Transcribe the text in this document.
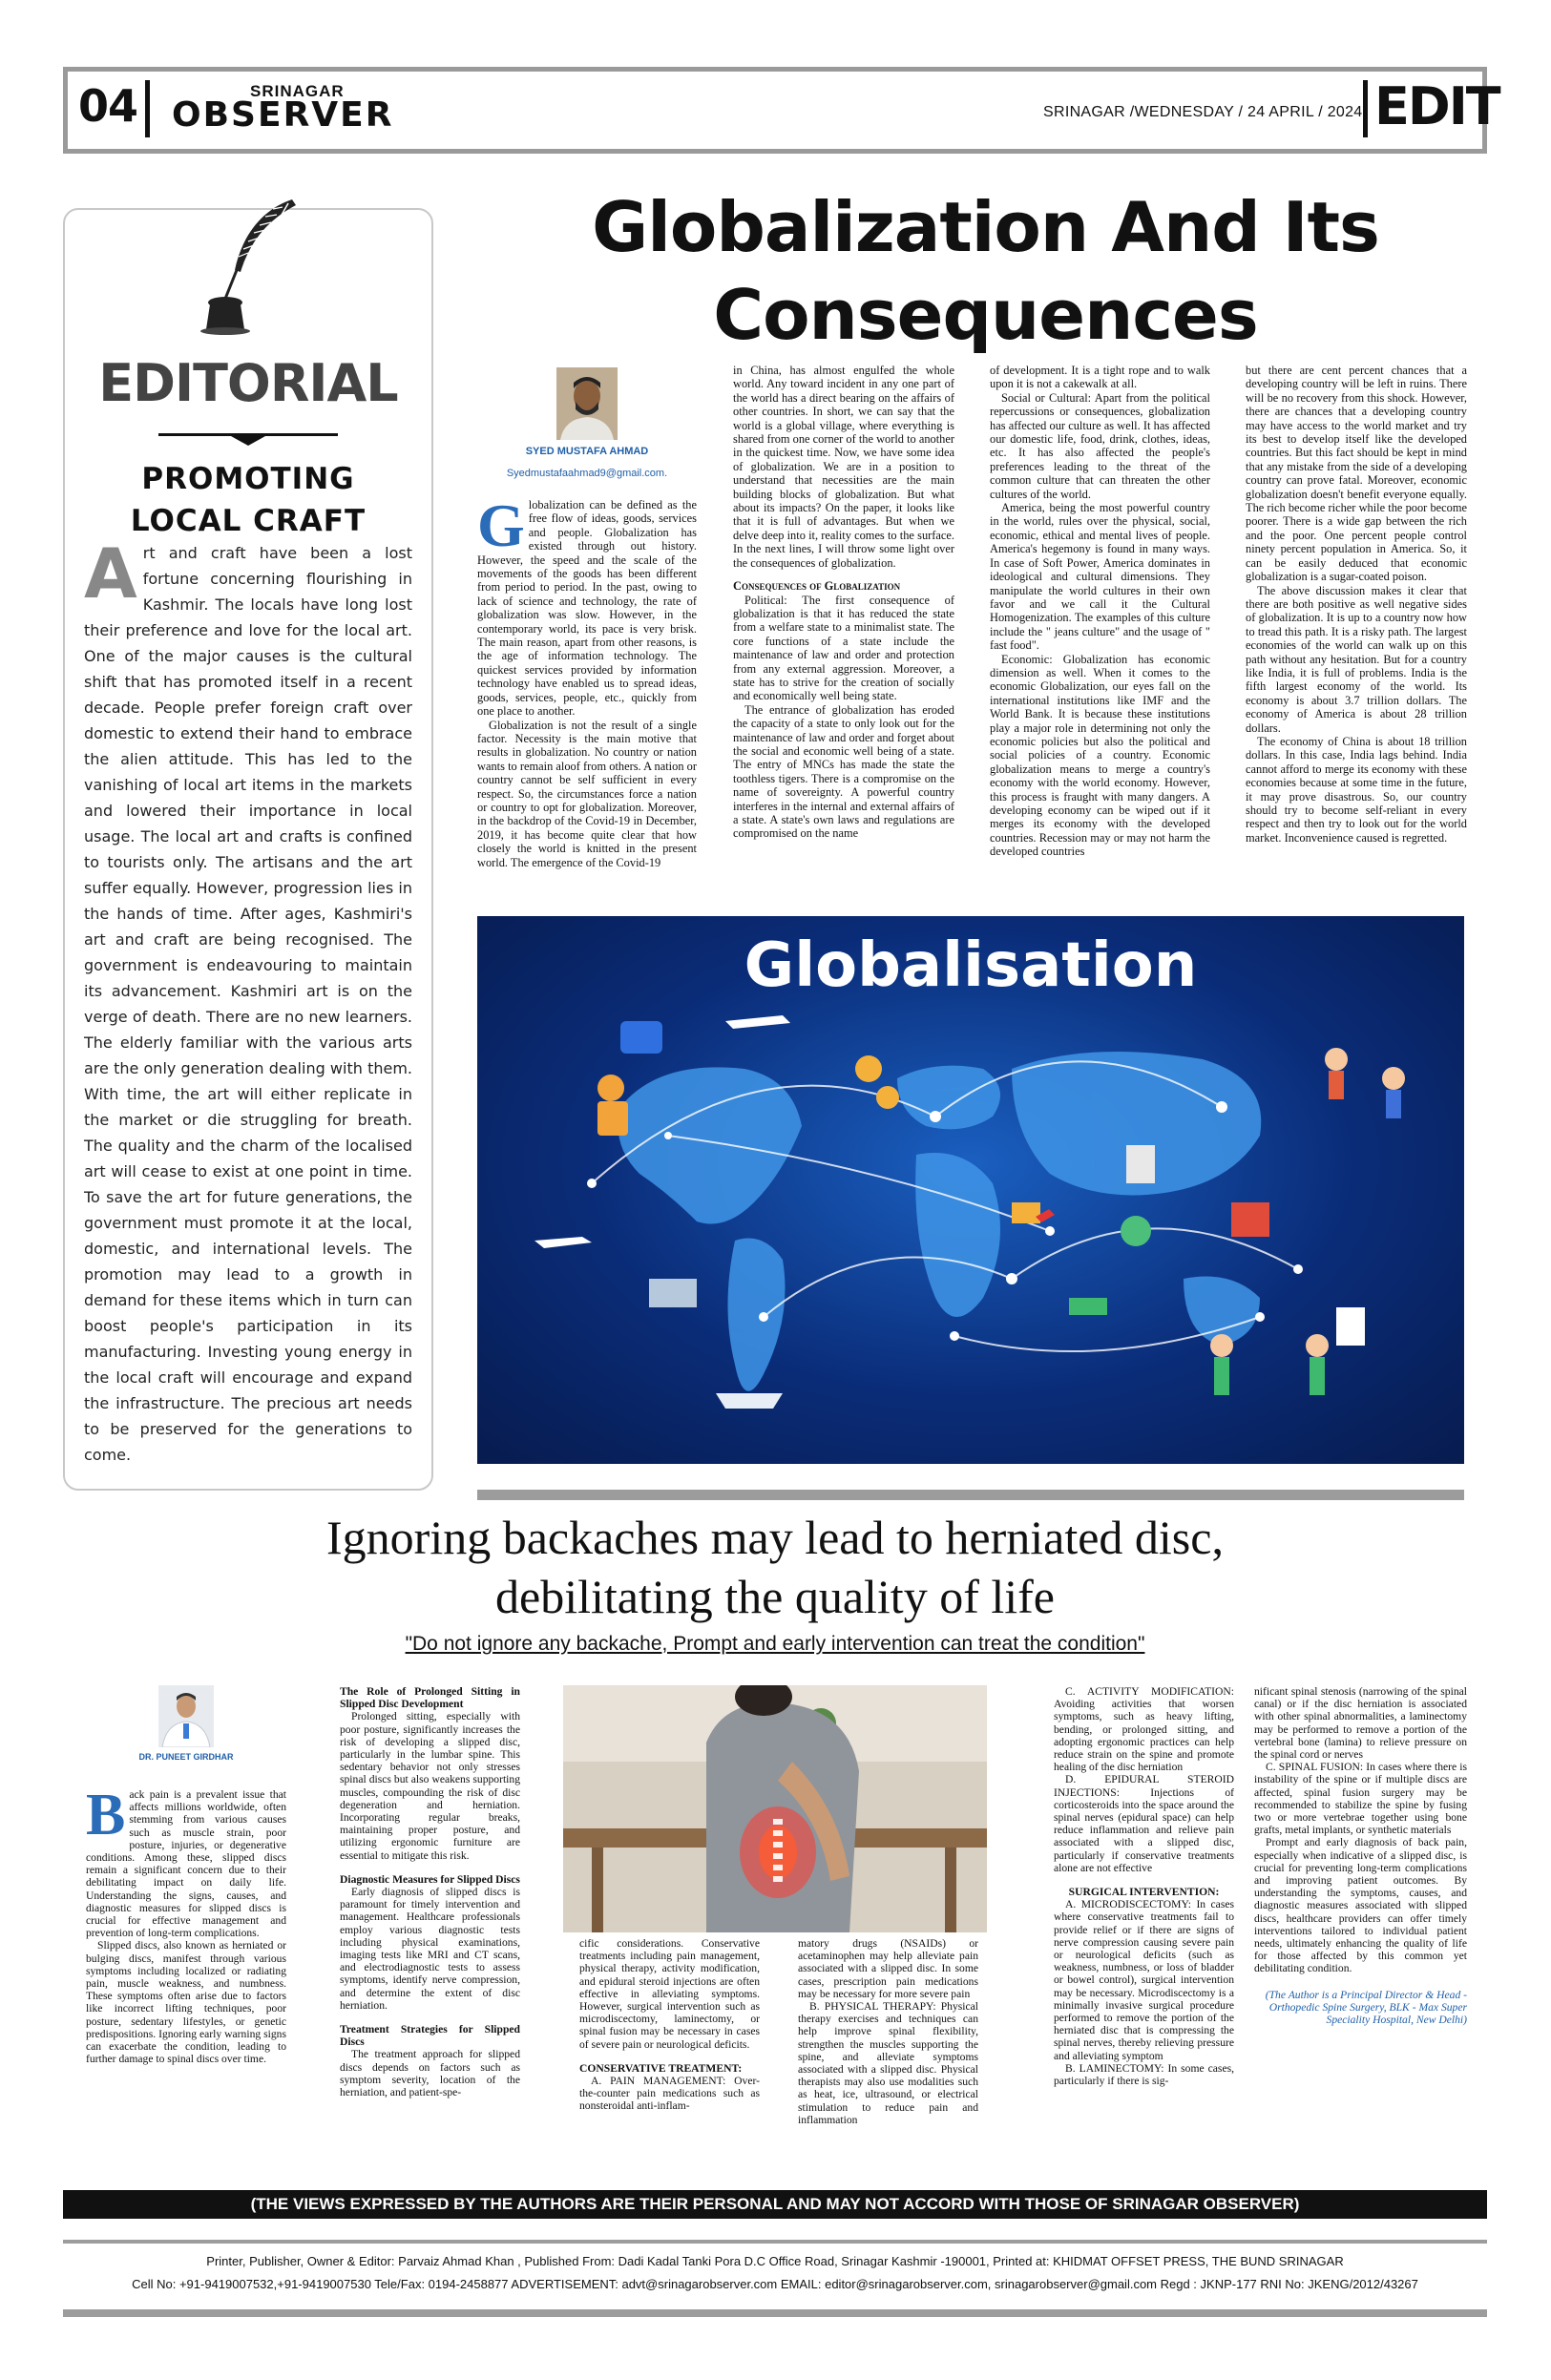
04	SRINAGAR
OBSERVER	SRINAGAR /WEDNESDAY / 24 APRIL / 2024 EDIT
EDITORIAL
PROMOTING
LOCAL CRAFT
Art and craft have been a lost fortune concerning flourishing in Kashmir. The locals have long lost their preference and love for the local art. One of the major causes is the cultural shift that has promoted itself in a recent decade. People prefer foreign craft over domestic to extend their hand to embrace the alien attitude. This has led to the vanishing of local art items in the markets and lowered their importance in local usage. The local art and crafts is confined to tourists only. The artisans and the art suffer equally. However, progression lies in the hands of time. After ages, Kashmiri's art and craft are being recognised. The government is endeavouring to maintain its advancement. Kashmiri art is on the verge of death. There are no new learners. The elderly familiar with the various arts are the only generation dealing with them. With time, the art will either replicate in the market or die struggling for breath. The quality and the charm of the localised art will cease to exist at one point in time. To save the art for future generations, the government must promote it at the local, domestic, and international levels. The promotion may lead to a growth in demand for these items which in turn can boost people's participation in its manufacturing. Investing young energy in the local craft will encourage and expand the infrastructure. The precious art needs to be preserved for the generations to come.
Globalization And Its
Consequences
SYED MUSTAFA AHMAD
Syedmustafaahmad9@gmail.com.
Globalization can be defined as the free flow of ideas, goods, services and people. Globalization has existed through out history. However, the speed and the scale of the movements of the goods has been different from period to period. In the past, owing to lack of science and technology, the rate of globalization was slow. However, in the contemporary world, its pace is very brisk. The main reason, apart from other reasons, is the age of information technology. The quickest services provided by information technology have enabled us to spread ideas, goods, services, people, etc., quickly from one place to another.

Globalization is not the result of a single factor. Necessity is the main motive that results in globalization. No country or nation wants to remain aloof from others. A nation or country cannot be self sufficient in every respect. So, the circumstances force a nation or country to opt for globalization. Moreover, in the backdrop of the Covid-19 in December, 2019, it has become quite clear that how closely the world is knitted in the present world. The emergence of the Covid-19

in China, has almost engulfed the whole world. Any toward incident in any one part of the world has a direct bearing on the affairs of other countries. In short, we can say that the world is a global village, where everything is shared from one corner of the world to another in the quickest time. Now, we have some idea of globalization. We are in a position to understand that necessities are the main building blocks of globalization. But what about its impacts? On the paper, it looks like that it is full of advantages. But when we delve deep into it, reality comes to the surface. In the next lines, I will throw some light over the consequences of globalization.
Consequences of Globalization

Political: The first consequence of globalization is that it has reduced the state from a welfare state to a minimalist state. The core functions of a state include the maintenance of law and order and protection from any external aggression. Moreover, a state has to strive for the creation of socially and economically well being state.

The entrance of globalization has eroded the capacity of a state to only look out for the maintenance of law and order and forget about the social and economic well being of a state. The entry of MNCs has made the state the toothless tigers. There is a compromise on the name of sovereignty. A powerful country interferes in the internal and external affairs of a state. A state's own laws and regulations are compromised on the name

of development. It is a tight rope and to walk upon it is not a cakewalk at all.

Social or Cultural: Apart from the political repercussions or consequences, globalization has affected our culture as well. It has affected our domestic life, food, drink, clothes, ideas, etc. It has also affected the people's preferences leading to the threat of the common culture that can threaten the other cultures of the world.

America, being the most powerful country in the world, rules over the physical, social, economic, ethical and mental lives of people. America's hegemony is found in many ways. In case of Soft Power, America dominates in ideological and cultural dimensions. They manipulate the world cultures in their own favor and we call it the Cultural Homogenization. The examples of this culture include the " jeans culture" and the usage of " fast food".

Economic: Globalization has economic dimension as well. When it comes to the economic Globalization, our eyes fall on the international institutions like IMF and the World Bank. It is because these institutions play a major role in determining not only the economic policies but also the political and social policies of a country. Economic globalization means to merge a country's economy with the world economy. However, this process is fraught with many dangers. A developing economy can be wiped out if it merges its economy with the developed countries. Recession may or may not harm the developed countries

but there are cent percent chances that a developing country will be left in ruins. There will be no recovery from this shock. However, there are chances that a developing country may have access to the world market and try its best to develop itself like the developed countries. But this fact should be kept in mind that any mistake from the side of a developing country can prove fatal. Moreover, economic globalization doesn't benefit everyone equally. The rich become richer while the poor become poorer. There is a wide gap between the rich and the poor. One percent people control ninety percent population in America. So, it can be easily deduced that economic globalization is a sugar-coated poison.

The above discussion makes it clear that there are both positive as well negative sides of globalization. It is up to a country now how to tread this path. It is a risky path. The largest economies of the world can walk up on this path without any hesitation. But for a country like India, it is full of problems. India is the fifth largest economy of the world. Its economy is about 3.7 trillion dollars. The economy of America is about 28 trillion dollars.

The economy of China is about 18 trillion dollars. In this case, India lags behind. India cannot afford to merge its economy with these economies because at some time in the future, it may prove disastrous. So, our country should try to become self-reliant in every respect and then try to look out for the world market. Inconvenience caused is regretted.

Globalisation
Ignoring backaches may lead to herniated disc,
debilitating the quality of life
"Do not ignore any backache, Prompt and early intervention can treat the condition"
DR. PUNEET GIRDHAR
Back pain is a prevalent issue that affects millions worldwide, often stemming from various causes such as muscle strain, poor posture, injuries, or degenerative conditions. Among these, slipped discs remain a significant concern due to their debilitating impact on daily life. Understanding the signs, causes, and diagnostic measures for slipped discs is crucial for effective management and prevention of long-term complications.

Slipped discs, also known as herniated or bulging discs, manifest through various symptoms including localized or radiating pain, muscle weakness, and numbness. These symptoms often arise due to factors like incorrect lifting techniques, poor posture, sedentary lifestyles, or genetic predispositions. Ignoring early warning signs can exacerbate the condition, leading to further damage to spinal discs over time.

The Role of Prolonged Sitting in Slipped Disc Development

Prolonged sitting, especially with poor posture, significantly increases the risk of developing a slipped disc, particularly in the lumbar spine. This sedentary behavior not only stresses spinal discs but also weakens supporting muscles, compounding the risk of disc degeneration and herniation. Incorporating regular breaks, maintaining proper posture, and utilizing ergonomic furniture are essential to mitigate this risk.

Diagnostic Measures for Slipped Discs

Early diagnosis of slipped discs is paramount for timely intervention and management. Healthcare professionals employ various diagnostic tests including physical examinations, imaging tests like MRI and CT scans, and electrodiagnostic tests to assess symptoms, identify nerve compression, and determine the extent of disc herniation.

Treatment Strategies for Slipped Discs

The treatment approach for slipped discs depends on factors such as symptom severity, location of the herniation, and patient-spe-

cific considerations. Conservative treatments including pain management, physical therapy, activity modification, and epidural steroid injections are often effective in alleviating symptoms. However, surgical intervention such as microdiscectomy, laminectomy, or spinal fusion may be necessary in cases of severe pain or neurological deficits.
CONSERVATIVE TREATMENT:

A. PAIN MANAGEMENT: Over-the-counter pain medications such as nonsteroidal anti-inflam-

matory drugs (NSAIDs) or acetaminophen may help alleviate pain associated with a slipped disc. In some cases, prescription pain medications may be necessary for more severe pain

B. PHYSICAL THERAPY: Physical therapy exercises and techniques can help improve spinal flexibility, strengthen the muscles supporting the spine, and alleviate symptoms associated with a slipped disc. Physical therapists may also use modalities such as heat, ice, ultrasound, or electrical stimulation to reduce pain and inflammation

C. ACTIVITY MODIFICATION: Avoiding activities that worsen symptoms, such as heavy lifting, bending, or prolonged sitting, and adopting ergonomic practices can help reduce strain on the spine and promote healing of the disc herniation

D. EPIDURAL STEROID INJECTIONS: Injections of corticosteroids into the space around the spinal nerves (epidural space) can help reduce inflammation and relieve pain associated with a slipped disc, particularly if conservative treatments alone are not effective

SURGICAL INTERVENTION:

A. MICRODISCECTOMY: In cases where conservative treatments fail to provide relief or if there are signs of nerve compression causing severe pain or neurological deficits (such as weakness, numbness, or loss of bladder or bowel control), surgical intervention may be necessary. Microdiscectomy is a minimally invasive surgical procedure performed to remove the portion of the herniated disc that is compressing the spinal nerves, thereby relieving pressure and alleviating symptom

B. LAMINECTOMY: In some cases, particularly if there is sig-

nificant spinal stenosis (narrowing of the spinal canal) or if the disc herniation is associated with other spinal abnormalities, a laminectomy may be performed to remove a portion of the vertebral bone (lamina) to relieve pressure on the spinal cord or nerves

C. SPINAL FUSION: In cases where there is instability of the spine or if multiple discs are affected, spinal fusion surgery may be recommended to stabilize the spine by fusing two or more vertebrae together using bone grafts, metal implants, or synthetic materials

Prompt and early diagnosis of back pain, especially when indicative of a slipped disc, is crucial for preventing long-term complications and improving patient outcomes. By understanding the symptoms, causes, and diagnostic measures associated with slipped discs, healthcare providers can offer timely interventions tailored to individual patient needs, ultimately enhancing the quality of life for those affected by this common yet debilitating condition.

(The Author is a Principal Director & Head - Orthopedic Spine Surgery, BLK - Max Super Speciality Hospital, New Delhi)
(THE VIEWS EXPRESSED BY THE AUTHORS ARE THEIR PERSONAL AND MAY NOT ACCORD WITH THOSE OF SRINAGAR OBSERVER)
Printer, Publisher, Owner & Editor: Parvaiz Ahmad Khan , Published From: Dadi Kadal Tanki Pora D.C Office Road, Srinagar Kashmir -190001, Printed at: KHIDMAT OFFSET PRESS, THE BUND SRINAGAR
Cell No: +91-9419007532,+91-9419007530 Tele/Fax: 0194-2458877 ADVERTISEMENT: advt@srinagarobserver.com EMAIL: editor@srinagarobserver.com, srinagarobserver@gmail.com Regd : JKNP-177 RNI No: JKENG/2012/43267
